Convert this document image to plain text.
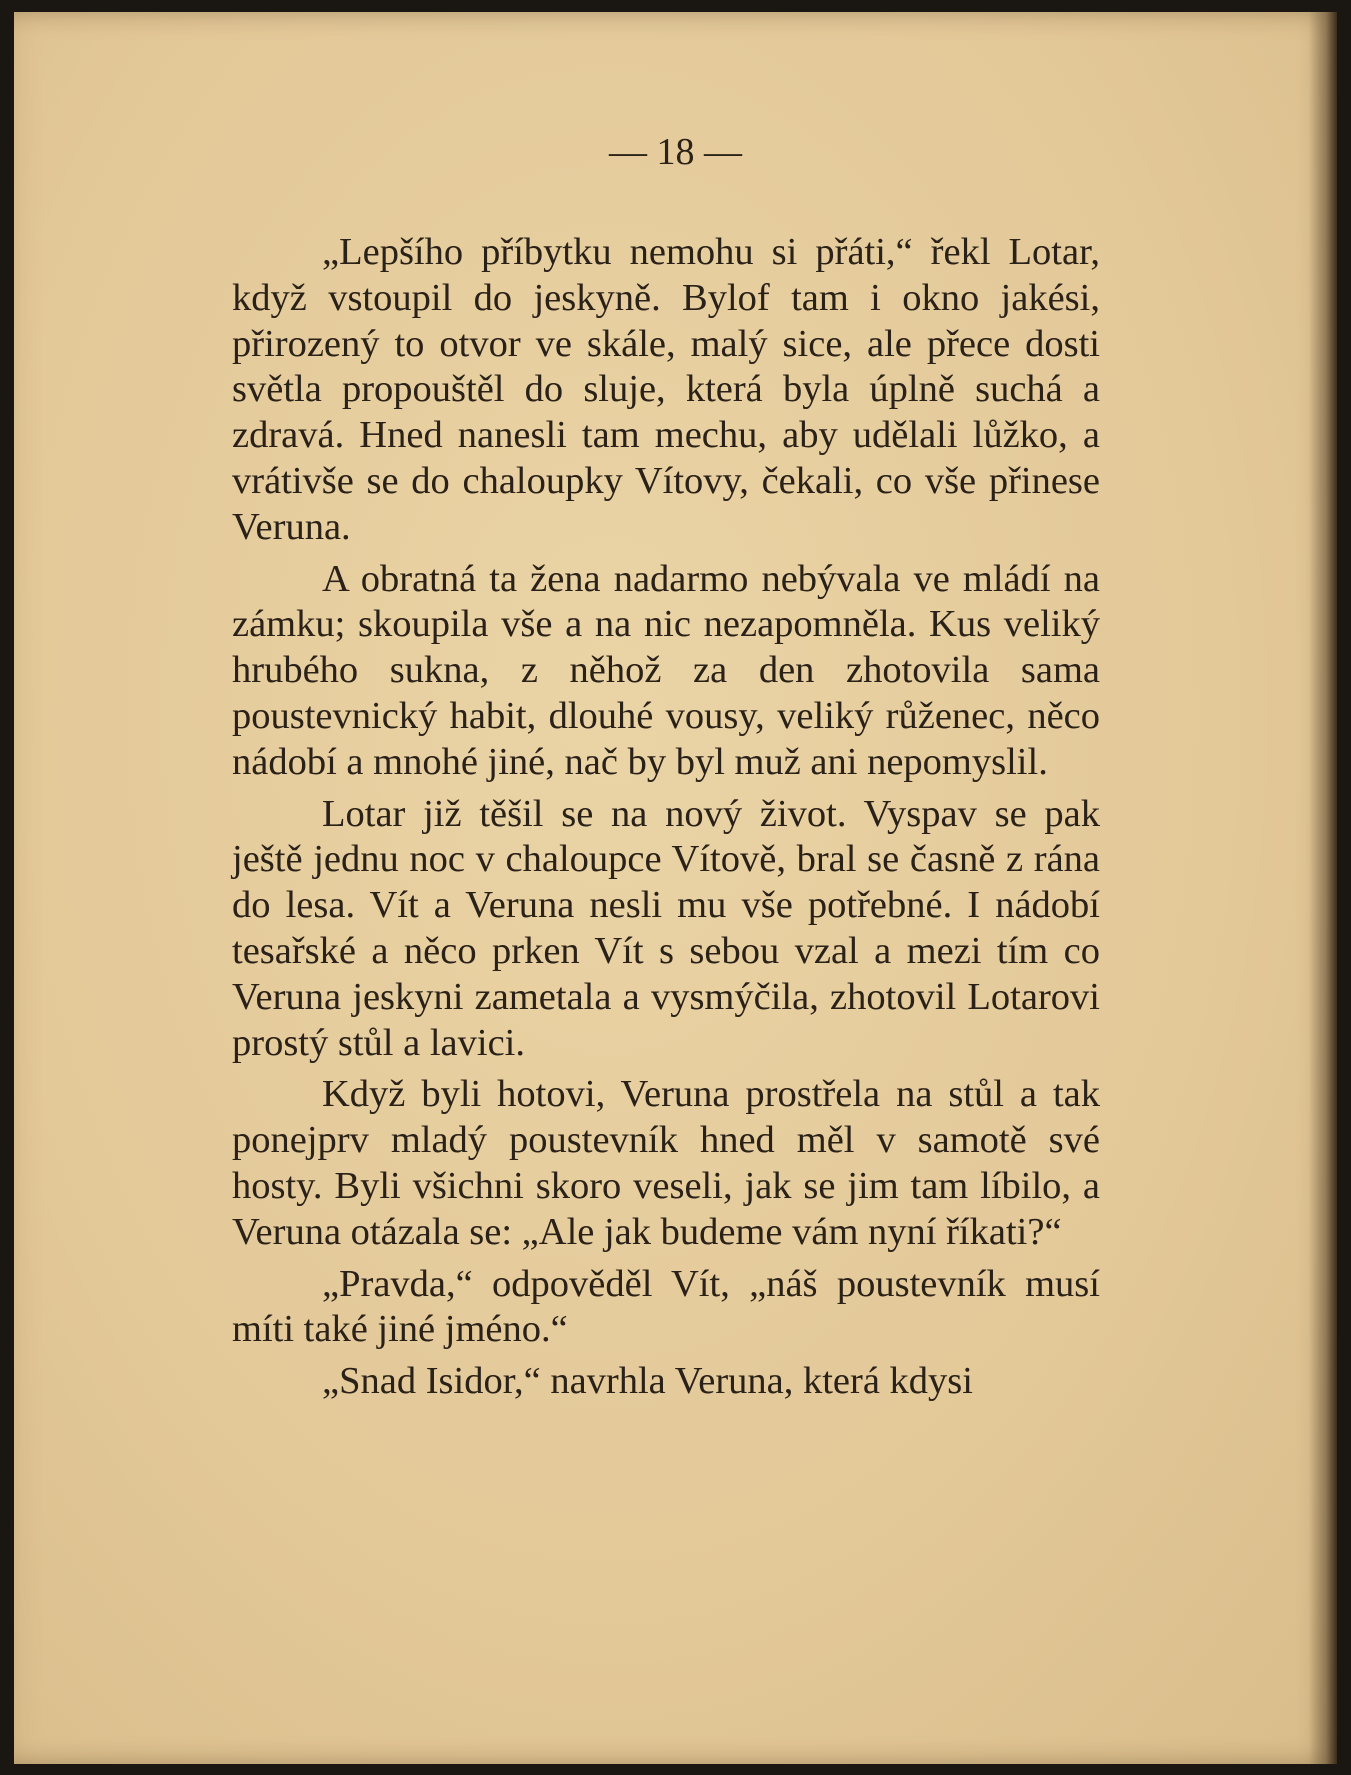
— 18 —

„Lepšího příbytku nemohu si přáti,“ řekl Lotar, když vstoupil do jeskyně. Bylof tam i okno jakési, přirozený to otvor ve skále, malý sice, ale přece dosti světla propouštěl do sluje, která byla úplně suchá a zdravá. Hned nanesli tam mechu, aby udělali lůžko, a vrátivše se do chaloupky Vítovy, čekali, co vše přinese Veruna.

A obratná ta žena nadarmo nebývala ve mládí na zámku; skoupila vše a na nic nezapomněla. Kus veliký hrubého sukna, z něhož za den zhotovila sama poustevnický habit, dlouhé vousy, veliký růženec, něco nádobí a mnohé jiné, nač by byl muž ani nepomyslil.

Lotar již těšil se na nový život. Vyspav se pak ještě jednu noc v chaloupce Vítově, bral se časně z rána do lesa. Vít a Veruna nesli mu vše potřebné. I nádobí tesařské a něco prken Vít s sebou vzal a mezi tím co Veruna jeskyni zametala a vysmýčila, zhotovil Lotarovi prostý stůl a lavici.

Když byli hotovi, Veruna prostřela na stůl a tak ponejprv mladý poustevník hned měl v samotě své hosty. Byli všichni skoro veseli, jak se jim tam líbilo, a Veruna otázala se: „Ale jak budeme vám nyní říkati?“

„Pravda,“ odpověděl Vít, „náš poustevník musí míti také jiné jméno.“

„Snad Isidor,“ navrhla Veruna, která kdysi
